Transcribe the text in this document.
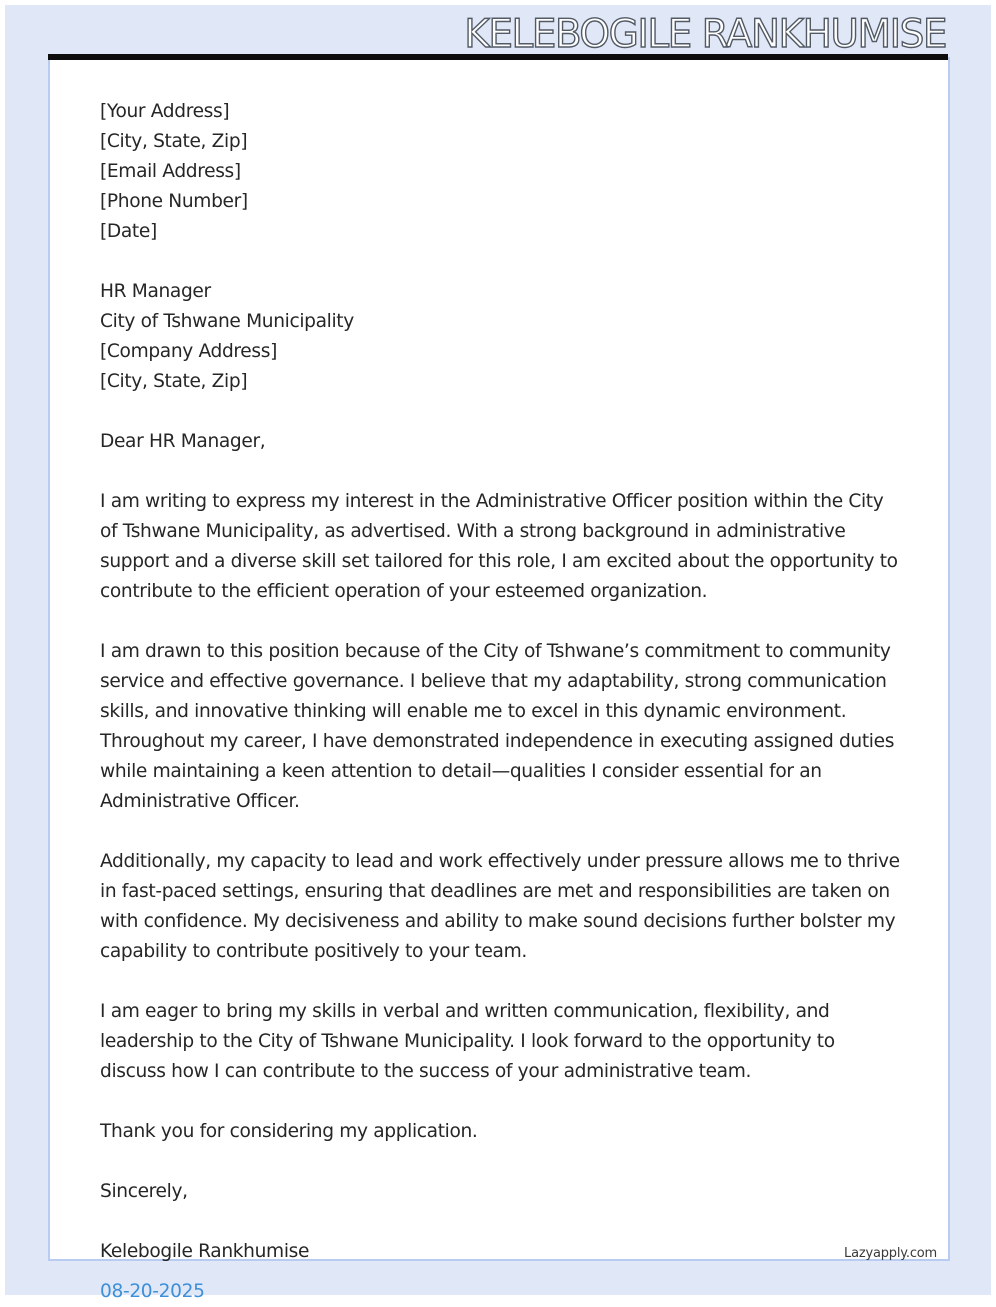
KELEBOGILE RANKHUMISE
[Your Address]
[City, State, Zip]
[Email Address]
[Phone Number]
[Date]
HR Manager
City of Tshwane Municipality
[Company Address]
[City, State, Zip]
Dear HR Manager,
I am writing to express my interest in the Administrative Officer position within the City
of Tshwane Municipality, as advertised. With a strong background in administrative
support and a diverse skill set tailored for this role, I am excited about the opportunity to
contribute to the efficient operation of your esteemed organization.
I am drawn to this position because of the City of Tshwane’s commitment to community
service and effective governance. I believe that my adaptability, strong communication
skills, and innovative thinking will enable me to excel in this dynamic environment.
Throughout my career, I have demonstrated independence in executing assigned duties
while maintaining a keen attention to detail—qualities I consider essential for an
Administrative Officer.
Additionally, my capacity to lead and work effectively under pressure allows me to thrive
in fast-paced settings, ensuring that deadlines are met and responsibilities are taken on
with confidence. My decisiveness and ability to make sound decisions further bolster my
capability to contribute positively to your team.
I am eager to bring my skills in verbal and written communication, flexibility, and
leadership to the City of Tshwane Municipality. I look forward to the opportunity to
discuss how I can contribute to the success of your administrative team.
Thank you for considering my application.
Sincerely,
Kelebogile Rankhumise
08-20-2025
Lazyapply.com
